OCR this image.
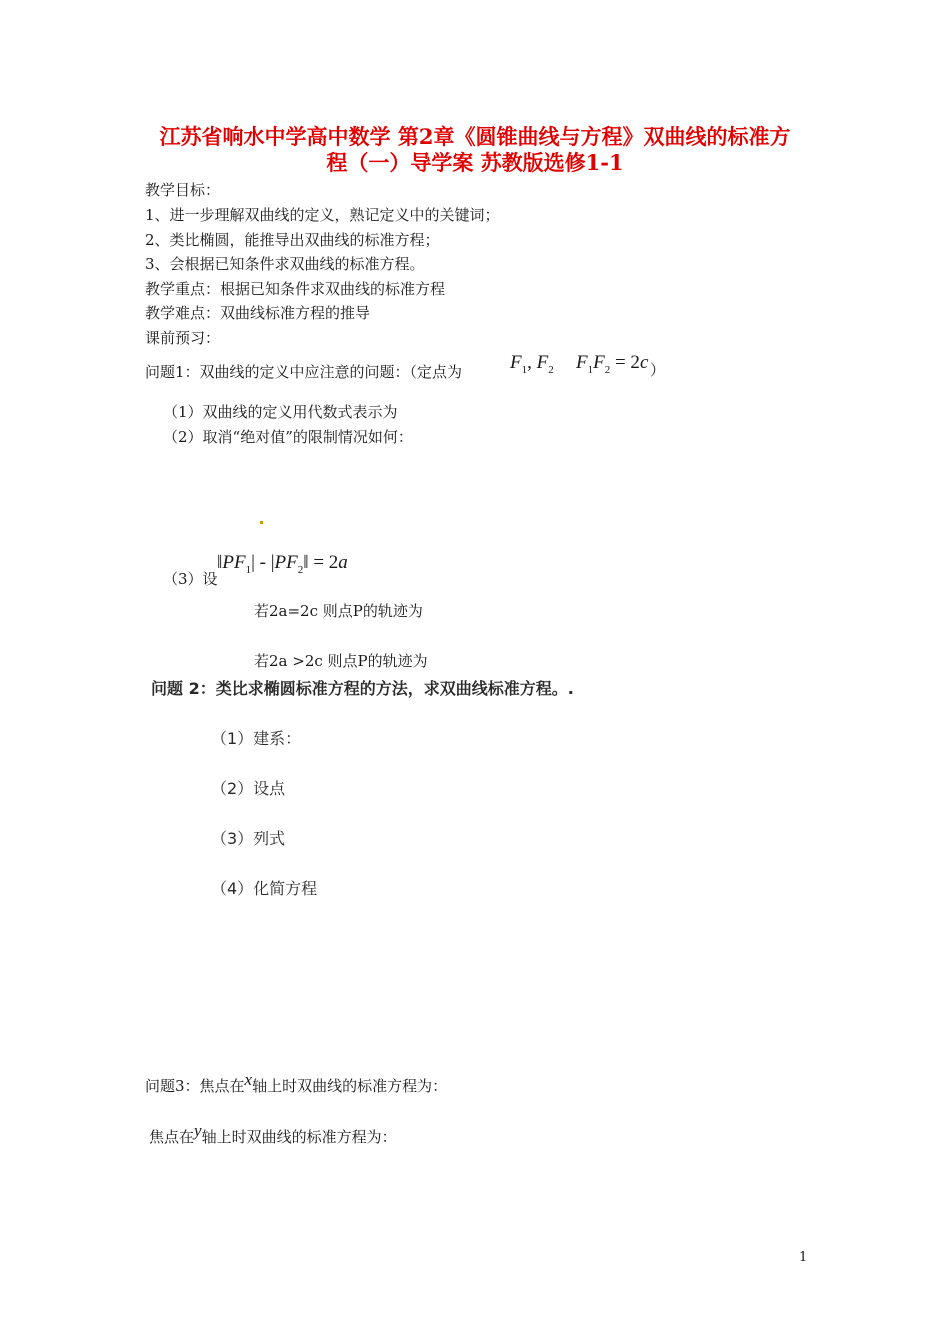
江苏省响水中学高中数学 第2章《圆锥曲线与方程》双曲线的标准方
程（一）导学案 苏教版选修1-1
教学目标：
1、进一步理解双曲线的定义，熟记定义中的关键词；
2、类比椭圆，能推导出双曲线的标准方程；
3、会根据已知条件求双曲线的标准方程。
教学重点：根据已知条件求双曲线的标准方程
教学难点：双曲线标准方程的推导
课前预习：
问题1：双曲线的定义中应注意的问题：（定点为	$F_1$, $F_2$ $F_1F_2 = 2c$ ）
（1）双曲线的定义用代数式表示为
（2）取消“绝对值”的限制情况如何：
（3）设
$‖PF_1|$ - $|PF_2‖ = 2a$
若2a=2c 则点P的轨迹为
若2a >2c 则点P的轨迹为
问题 2：类比求椭圆标准方程的方法，求双曲线标准方程。.
（1）建系：
（2）设点
（3）列式
（4）化简方程
问题3：焦点在x轴上时双曲线的标准方程为：
焦点在y轴上时双曲线的标准方程为：
1
